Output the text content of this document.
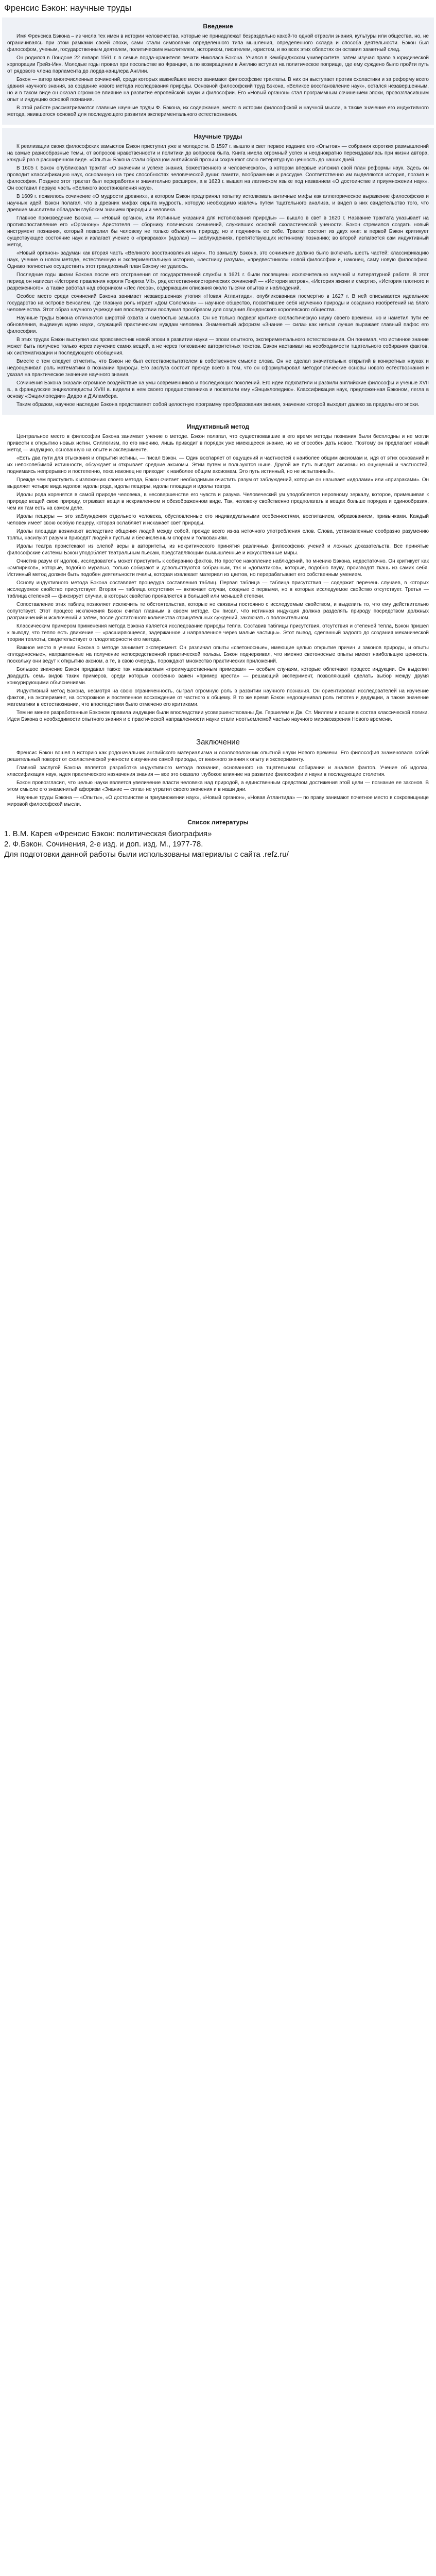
Френсис Бэкон: научные труды
Введение

Имя Френсиса Бэкона – из числа тех имен в истории человечества, которые не принадлежат безраздельно какой-то одной отрасли знания, культуры или общества, но, не ограничиваясь при этом рамками своей эпохи, сами стали символами определенного типа мышления, определенного склада и способа деятельности. Бэкон был философом, ученым, государственным деятелем, политическим мыслителем, историком, писателем, юристом, и во всех этих областях он оставил заметный след.

Он родился в Лондоне 22 января 1561 г. в семье лорда-хранителя печати Николаса Бэкона. Учился в Кембриджском университете, затем изучал право в юридической корпорации Грейз-Инн. Молодые годы провел при посольстве во Франции, а по возвращении в Англию вступил на политическое поприще, где ему суждено было пройти путь от рядового члена парламента до лорда-канцлера Англии.

Бэкон — автор многочисленных сочинений, среди которых важнейшее место занимают философские трактаты. В них он выступает против схоластики и за реформу всего здания научного знания, за создание нового метода исследования природы. Основной философский труд Бэкона, «Великое восстановление наук», остался незавершенным, но и в таком виде он оказал огромное влияние на развитие европейской науки и философии. Его «Новый органон» стал программным сочинением эпохи, провозгласившим опыт и индукцию основой познания.

В этой работе рассматриваются главные научные труды Ф. Бэкона, их содержание, место в истории философской и научной мысли, а также значение его индуктивного метода, явившегося основой для последующего развития экспериментального естествознания.

Научные труды

К реализации своих философских замыслов Бэкон приступил уже в молодости. В 1597 г. вышло в свет первое издание его «Опытов» — собрания коротких размышлений на самые разнообразные темы, от вопросов нравственности и политики до вопросов быта. Книга имела огромный успех и неоднократно переиздавалась при жизни автора, каждый раз в расширенном виде. «Опыты» Бэкона стали образцом английской прозы и сохраняют свою литературную ценность до наших дней.

В 1605 г. Бэкон опубликовал трактат «О значении и успехе знания, божественного и человеческого», в котором впервые изложил свой план реформы наук. Здесь он проводит классификацию наук, основанную на трех способностях человеческой души: памяти, воображении и рассудке. Соответственно им выделяются история, поэзия и философия. Позднее этот трактат был переработан и значительно расширен, а в 1623 г. вышел на латинском языке под названием «О достоинстве и приумножении наук». Он составил первую часть «Великого восстановления наук».

В 1609 г. появилось сочинение «О мудрости древних», в котором Бэкон предпринял попытку истолковать античные мифы как аллегорическое выражение философских и научных идей. Бэкон полагал, что в древних мифах скрыта мудрость, которую необходимо извлечь путем тщательного анализа, и видел в них свидетельство того, что древние мыслители обладали глубоким знанием природы и человека.

Главное произведение Бэкона — «Новый органон, или Истинные указания для истолкования природы» — вышло в свет в 1620 г. Название трактата указывает на противопоставление его «Органону» Аристотеля — сборнику логических сочинений, служивших основой схоластической учености. Бэкон стремился создать новый инструмент познания, который позволил бы человеку не только объяснять природу, но и подчинять ее себе. Трактат состоит из двух книг: в первой Бэкон критикует существующее состояние наук и излагает учение о «призраках» (идолах) — заблуждениях, препятствующих истинному познанию; во второй излагается сам индуктивный метод.

«Новый органон» задуман как вторая часть «Великого восстановления наук». По замыслу Бэкона, это сочинение должно было включать шесть частей: классификацию наук, учение о новом методе, естественную и экспериментальную историю, «лестницу разума», «предвестников» новой философии и, наконец, саму новую философию. Однако полностью осуществить этот грандиозный план Бэкону не удалось.

Последние годы жизни Бэкона после его отстранения от государственной службы в 1621 г. были посвящены исключительно научной и литературной работе. В этот период он написал «Историю правления короля Генриха VII», ряд естественноисторических сочинений — «История ветров», «История жизни и смерти», «История плотного и разреженного», а также работал над сборником «Лес лесов», содержащим описания около тысячи опытов и наблюдений.

Особое место среди сочинений Бэкона занимает незавершенная утопия «Новая Атлантида», опубликованная посмертно в 1627 г. В ней описывается идеальное государство на острове Бенсалем, где главную роль играет «Дом Соломона» — научное общество, посвятившее себя изучению природы и созданию изобретений на благо человечества. Этот образ научного учреждения впоследствии послужил прообразом для создания Лондонского королевского общества.

Научные труды Бэкона отличаются широтой охвата и смелостью замысла. Он не только подверг критике схоластическую науку своего времени, но и наметил пути ее обновления, выдвинув идею науки, служащей практическим нуждам человека. Знаменитый афоризм «Знание — сила» как нельзя лучше выражает главный пафос его философии.

В этих трудах Бэкон выступил как провозвестник новой эпохи в развитии науки — эпохи опытного, экспериментального естествознания. Он понимал, что истинное знание может быть получено только через изучение самих вещей, а не через толкование авторитетных текстов. Бэкон настаивал на необходимости тщательного собирания фактов, их систематизации и последующего обобщения.

Вместе с тем следует отметить, что Бэкон не был естествоиспытателем в собственном смысле слова. Он не сделал значительных открытий в конкретных науках и недооценивал роль математики в познании природы. Его заслуга состоит прежде всего в том, что он сформулировал методологические основы нового естествознания и указал на практическое значение научного знания.

Сочинения Бэкона оказали огромное воздействие на умы современников и последующих поколений. Его идеи подхватили и развили английские философы и ученые XVII в., а французские энциклопедисты XVIII в. видели в нем своего предшественника и посвятили ему «Энциклопедию». Классификация наук, предложенная Бэконом, легла в основу «Энциклопедии» Дидро и Д'Аламбера.

Таким образом, научное наследие Бэкона представляет собой целостную программу преобразования знания, значение которой выходит далеко за пределы его эпохи.

Индуктивный метод

Центральное место в философии Бэкона занимает учение о методе. Бэкон полагал, что существовавшие в его время методы познания были бесплодны и не могли привести к открытию новых истин. Силлогизм, по его мнению, лишь приводит в порядок уже имеющееся знание, но не способен дать новое. Поэтому он предлагает новый метод — индукцию, основанную на опыте и эксперименте.

«Есть два пути для отыскания и открытия истины, — писал Бэкон. — Один воспаряет от ощущений и частностей к наиболее общим аксиомам и, идя от этих оснований и их непоколебимой истинности, обсуждает и открывает средние аксиомы. Этим путем и пользуются ныне. Другой же путь выводит аксиомы из ощущений и частностей, поднимаясь непрерывно и постепенно, пока наконец не приходит к наиболее общим аксиомам. Это путь истинный, но не испытанный».

Прежде чем приступить к изложению своего метода, Бэкон считает необходимым очистить разум от заблуждений, которые он называет «идолами» или «призраками». Он выделяет четыре вида идолов: идолы рода, идолы пещеры, идолы площади и идолы театра.

Идолы рода коренятся в самой природе человека, в несовершенстве его чувств и разума. Человеческий ум уподобляется неровному зеркалу, которое, примешивая к природе вещей свою природу, отражает вещи в искривленном и обезображенном виде. Так, человеку свойственно предполагать в вещах больше порядка и единообразия, чем их там есть на самом деле.

Идолы пещеры — это заблуждения отдельного человека, обусловленные его индивидуальными особенностями, воспитанием, образованием, привычками. Каждый человек имеет свою особую пещеру, которая ослабляет и искажает свет природы.

Идолы площади возникают вследствие общения людей между собой, прежде всего из-за неточного употребления слов. Слова, установленные сообразно разумению толпы, насилуют разум и приводят людей к пустым и бесчисленным спорам и толкованиям.

Идолы театра проистекают из слепой веры в авторитеты, из некритического принятия различных философских учений и ложных доказательств. Все принятые философские системы Бэкон уподобляет театральным пьесам, представляющим вымышленные и искусственные миры.

Очистив разум от идолов, исследователь может приступить к собиранию фактов. Но простое накопление наблюдений, по мнению Бэкона, недостаточно. Он критикует как «эмпириков», которые, подобно муравью, только собирают и довольствуются собранным, так и «догматиков», которые, подобно пауку, производят ткань из самих себя. Истинный метод должен быть подобен деятельности пчелы, которая извлекает материал из цветов, но перерабатывает его собственным умением.

Основу индуктивного метода Бэкона составляет процедура составления таблиц. Первая таблица — таблица присутствия — содержит перечень случаев, в которых исследуемое свойство присутствует. Вторая — таблица отсутствия — включает случаи, сходные с первыми, но в которых исследуемое свойство отсутствует. Третья — таблица степеней — фиксирует случаи, в которых свойство проявляется в большей или меньшей степени.

Сопоставление этих таблиц позволяет исключить те обстоятельства, которые не связаны постоянно с исследуемым свойством, и выделить то, что ему действительно сопутствует. Этот процесс исключения Бэкон считал главным в своем методе. Он писал, что истинная индукция должна разделять природу посредством должных разграничений и исключений и затем, после достаточного количества отрицательных суждений, заключать о положительном.

Классическим примером применения метода Бэкона является исследование природы тепла. Составив таблицы присутствия, отсутствия и степеней тепла, Бэкон пришел к выводу, что тепло есть движение — «расширяющееся, задержанное и направленное через малые частицы». Этот вывод, сделанный задолго до создания механической теории теплоты, свидетельствует о плодотворности его метода.

Важное место в учении Бэкона о методе занимает эксперимент. Он различал опыты «светоносные», имеющие целью открытие причин и законов природы, и опыты «плодоносные», направленные на получение непосредственной практической пользы. Бэкон подчеркивал, что именно светоносные опыты имеют наибольшую ценность, поскольку они ведут к открытию аксиом, а те, в свою очередь, порождают множество практических приложений.

Большое значение Бэкон придавал также так называемым «преимущественным примерам» — особым случаям, которые облегчают процесс индукции. Он выделил двадцать семь видов таких примеров, среди которых особенно важен «пример креста» — решающий эксперимент, позволяющий сделать выбор между двумя конкурирующими объяснениями.

Индуктивный метод Бэкона, несмотря на свою ограниченность, сыграл огромную роль в развитии научного познания. Он ориентировал исследователей на изучение фактов, на эксперимент, на осторожное и постепенное восхождение от частного к общему. В то же время Бэкон недооценивал роль гипотез и дедукции, а также значение математики в естествознании, что впоследствии было отмечено его критиками.

Тем не менее разработанные Бэконом правила индукции были впоследствии усовершенствованы Дж. Гершелем и Дж. Ст. Миллем и вошли в состав классической логики. Идеи Бэкона о необходимости опытного знания и о практической направленности науки стали неотъемлемой частью научного мировоззрения Нового времени.

Заключение

Френсис Бэкон вошел в историю как родоначальник английского материализма и основоположник опытной науки Нового времени. Его философия знаменовала собой решительный поворот от схоластической учености к изучению самой природы, от книжного знания к опыту и эксперименту.

Главной заслугой Бэкона является разработка индуктивного метода познания, основанного на тщательном собирании и анализе фактов. Учение об идолах, классификация наук, идея практического назначения знания — все это оказало глубокое влияние на развитие философии и науки в последующие столетия.

Бэкон провозгласил, что целью науки является увеличение власти человека над природой, а единственным средством достижения этой цели — познание ее законов. В этом смысле его знаменитый афоризм «Знание — сила» не утратил своего значения и в наши дни.

Научные труды Бэкона — «Опыты», «О достоинстве и приумножении наук», «Новый органон», «Новая Атлантида» — по праву занимают почетное место в сокровищнице мировой философской мысли.

Список литературы

1. В.М. Карев «Френсис Бэкон: политическая биография»

2. Ф.Бэкон. Сочинения, 2-е изд. и доп. изд. М., 1977-78.

Для подготовки данной работы были использованы материалы с сайта .refz.ru/
